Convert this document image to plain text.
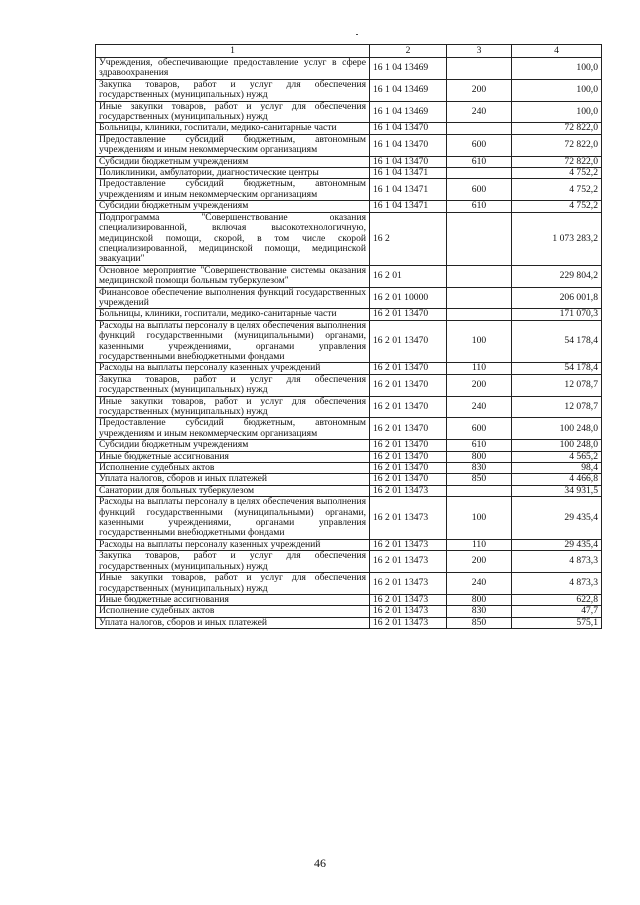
1	2	3	4
Учреждения, обеспечивающие предоставление услуг в сфере здравоохранения	16 1 04 13469		100,0
Закупка товаров, работ и услуг для обеспечения государственных (муниципальных) нужд	16 1 04 13469	200	100,0
Иные закупки товаров, работ и услуг для обеспечения государственных (муниципальных) нужд	16 1 04 13469	240	100,0
Больницы, клиники, госпитали, медико-санитарные части	16 1 04 13470		72 822,0
Предоставление субсидий бюджетным, автономным учреждениям и иным некоммерческим организациям	16 1 04 13470	600	72 822,0
Субсидии бюджетным учреждениям	16 1 04 13470	610	72 822,0
Поликлиники, амбулатории, диагностические центры	16 1 04 13471		4 752,2
Предоставление субсидий бюджетным, автономным учреждениям и иным некоммерческим организациям	16 1 04 13471	600	4 752,2
Субсидии бюджетным учреждениям	16 1 04 13471	610	4 752,2
Подпрограмма "Совершенствование оказания специализированной, включая высокотехнологичную, медицинской помощи, скорой, в том числе скорой специализированной, медицинской помощи, медицинской эвакуации"	16 2		1 073 283,2
Основное мероприятие "Совершенствование системы оказания медицинской помощи больным туберкулезом"	16 2 01		229 804,2
Финансовое обеспечение выполнения функций государственных учреждений	16 2 01 10000		206 001,8
Больницы, клиники, госпитали, медико-санитарные части	16 2 01 13470		171 070,3
Расходы на выплаты персоналу в целях обеспечения выполнения функций государственными (муниципальными) органами, казенными учреждениями, органами управления государственными внебюджетными фондами	16 2 01 13470	100	54 178,4
Расходы на выплаты персоналу казенных учреждений	16 2 01 13470	110	54 178,4
Закупка товаров, работ и услуг для обеспечения государственных (муниципальных) нужд	16 2 01 13470	200	12 078,7
Иные закупки товаров, работ и услуг для обеспечения государственных (муниципальных) нужд	16 2 01 13470	240	12 078,7
Предоставление субсидий бюджетным, автономным учреждениям и иным некоммерческим организациям	16 2 01 13470	600	100 248,0
Субсидии бюджетным учреждениям	16 2 01 13470	610	100 248,0
Иные бюджетные ассигнования	16 2 01 13470	800	4 565,2
Исполнение судебных актов	16 2 01 13470	830	98,4
Уплата налогов, сборов и иных платежей	16 2 01 13470	850	4 466,8
Санатории для больных туберкулезом	16 2 01 13473		34 931,5
Расходы на выплаты персоналу в целях обеспечения выполнения функций государственными (муниципальными) органами, казенными учреждениями, органами управления государственными внебюджетными фондами	16 2 01 13473	100	29 435,4
Расходы на выплаты персоналу казенных учреждений	16 2 01 13473	110	29 435,4
Закупка товаров, работ и услуг для обеспечения государственных (муниципальных) нужд	16 2 01 13473	200	4 873,3
Иные закупки товаров, работ и услуг для обеспечения государственных (муниципальных) нужд	16 2 01 13473	240	4 873,3
Иные бюджетные ассигнования	16 2 01 13473	800	622,8
Исполнение судебных актов	16 2 01 13473	830	47,7
Уплата налогов, сборов и иных платежей	16 2 01 13473	850	575,1
46
